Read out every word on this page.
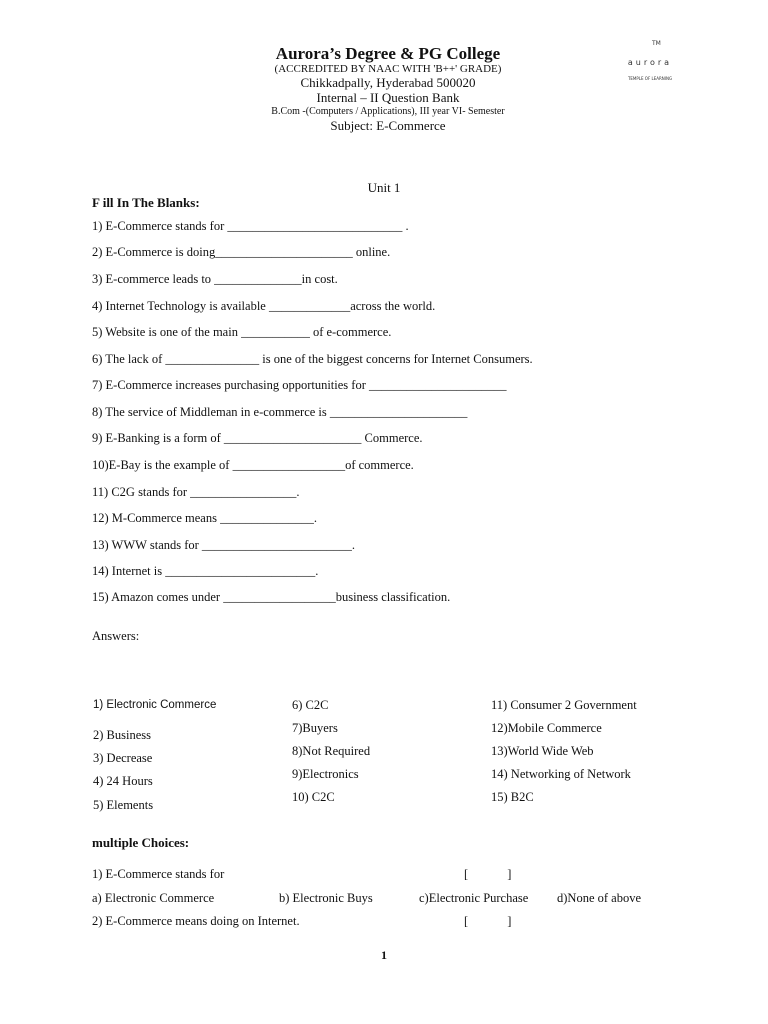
Aurora’s Degree & PG College
(ACCREDITED BY NAAC WITH 'B++' GRADE)
Chikkadpally, Hyderabad 500020
Internal – II Question Bank
B.Com -(Computers / Applications), III year VI- Semester
Subject: E-Commerce
TM
aurora
TEMPLE OF LEARNING
Unit 1
F ill In The Blanks:
1) E-Commerce stands for ____________________________ .
2) E-Commerce is doing______________________ online.
3) E-commerce leads to ______________in cost.
4) Internet Technology is available _____________across the world.
5) Website is one of the main ___________ of e-commerce.
6) The lack of _______________ is one of the biggest concerns for Internet Consumers.
7) E-Commerce increases purchasing opportunities for ______________________
8) The service of Middleman in e-commerce is ______________________
9) E-Banking is a form of ______________________ Commerce.
10)E-Bay is the example of __________________of commerce.
11) C2G stands for _________________.
12) M-Commerce means _______________.
13) WWW stands for ________________________.
14) Internet is ________________________.
15) Amazon comes under __________________business classification.
Answers:
1) Electronic Commerce
2) Business
3) Decrease
4) 24 Hours
5) Elements
6) C2C
7)Buyers
8)Not Required
9)Electronics
10) C2C
11) Consumer 2 Government
12)Mobile Commerce
13)World Wide Web
14) Networking of Network
15) B2C
multiple Choices:
1) E-Commerce stands for	[ ]
a) Electronic Commerce	b) Electronic Buys	c)Electronic Purchase d)None of above
2) E-Commerce means doing on Internet.	[ ]
1
